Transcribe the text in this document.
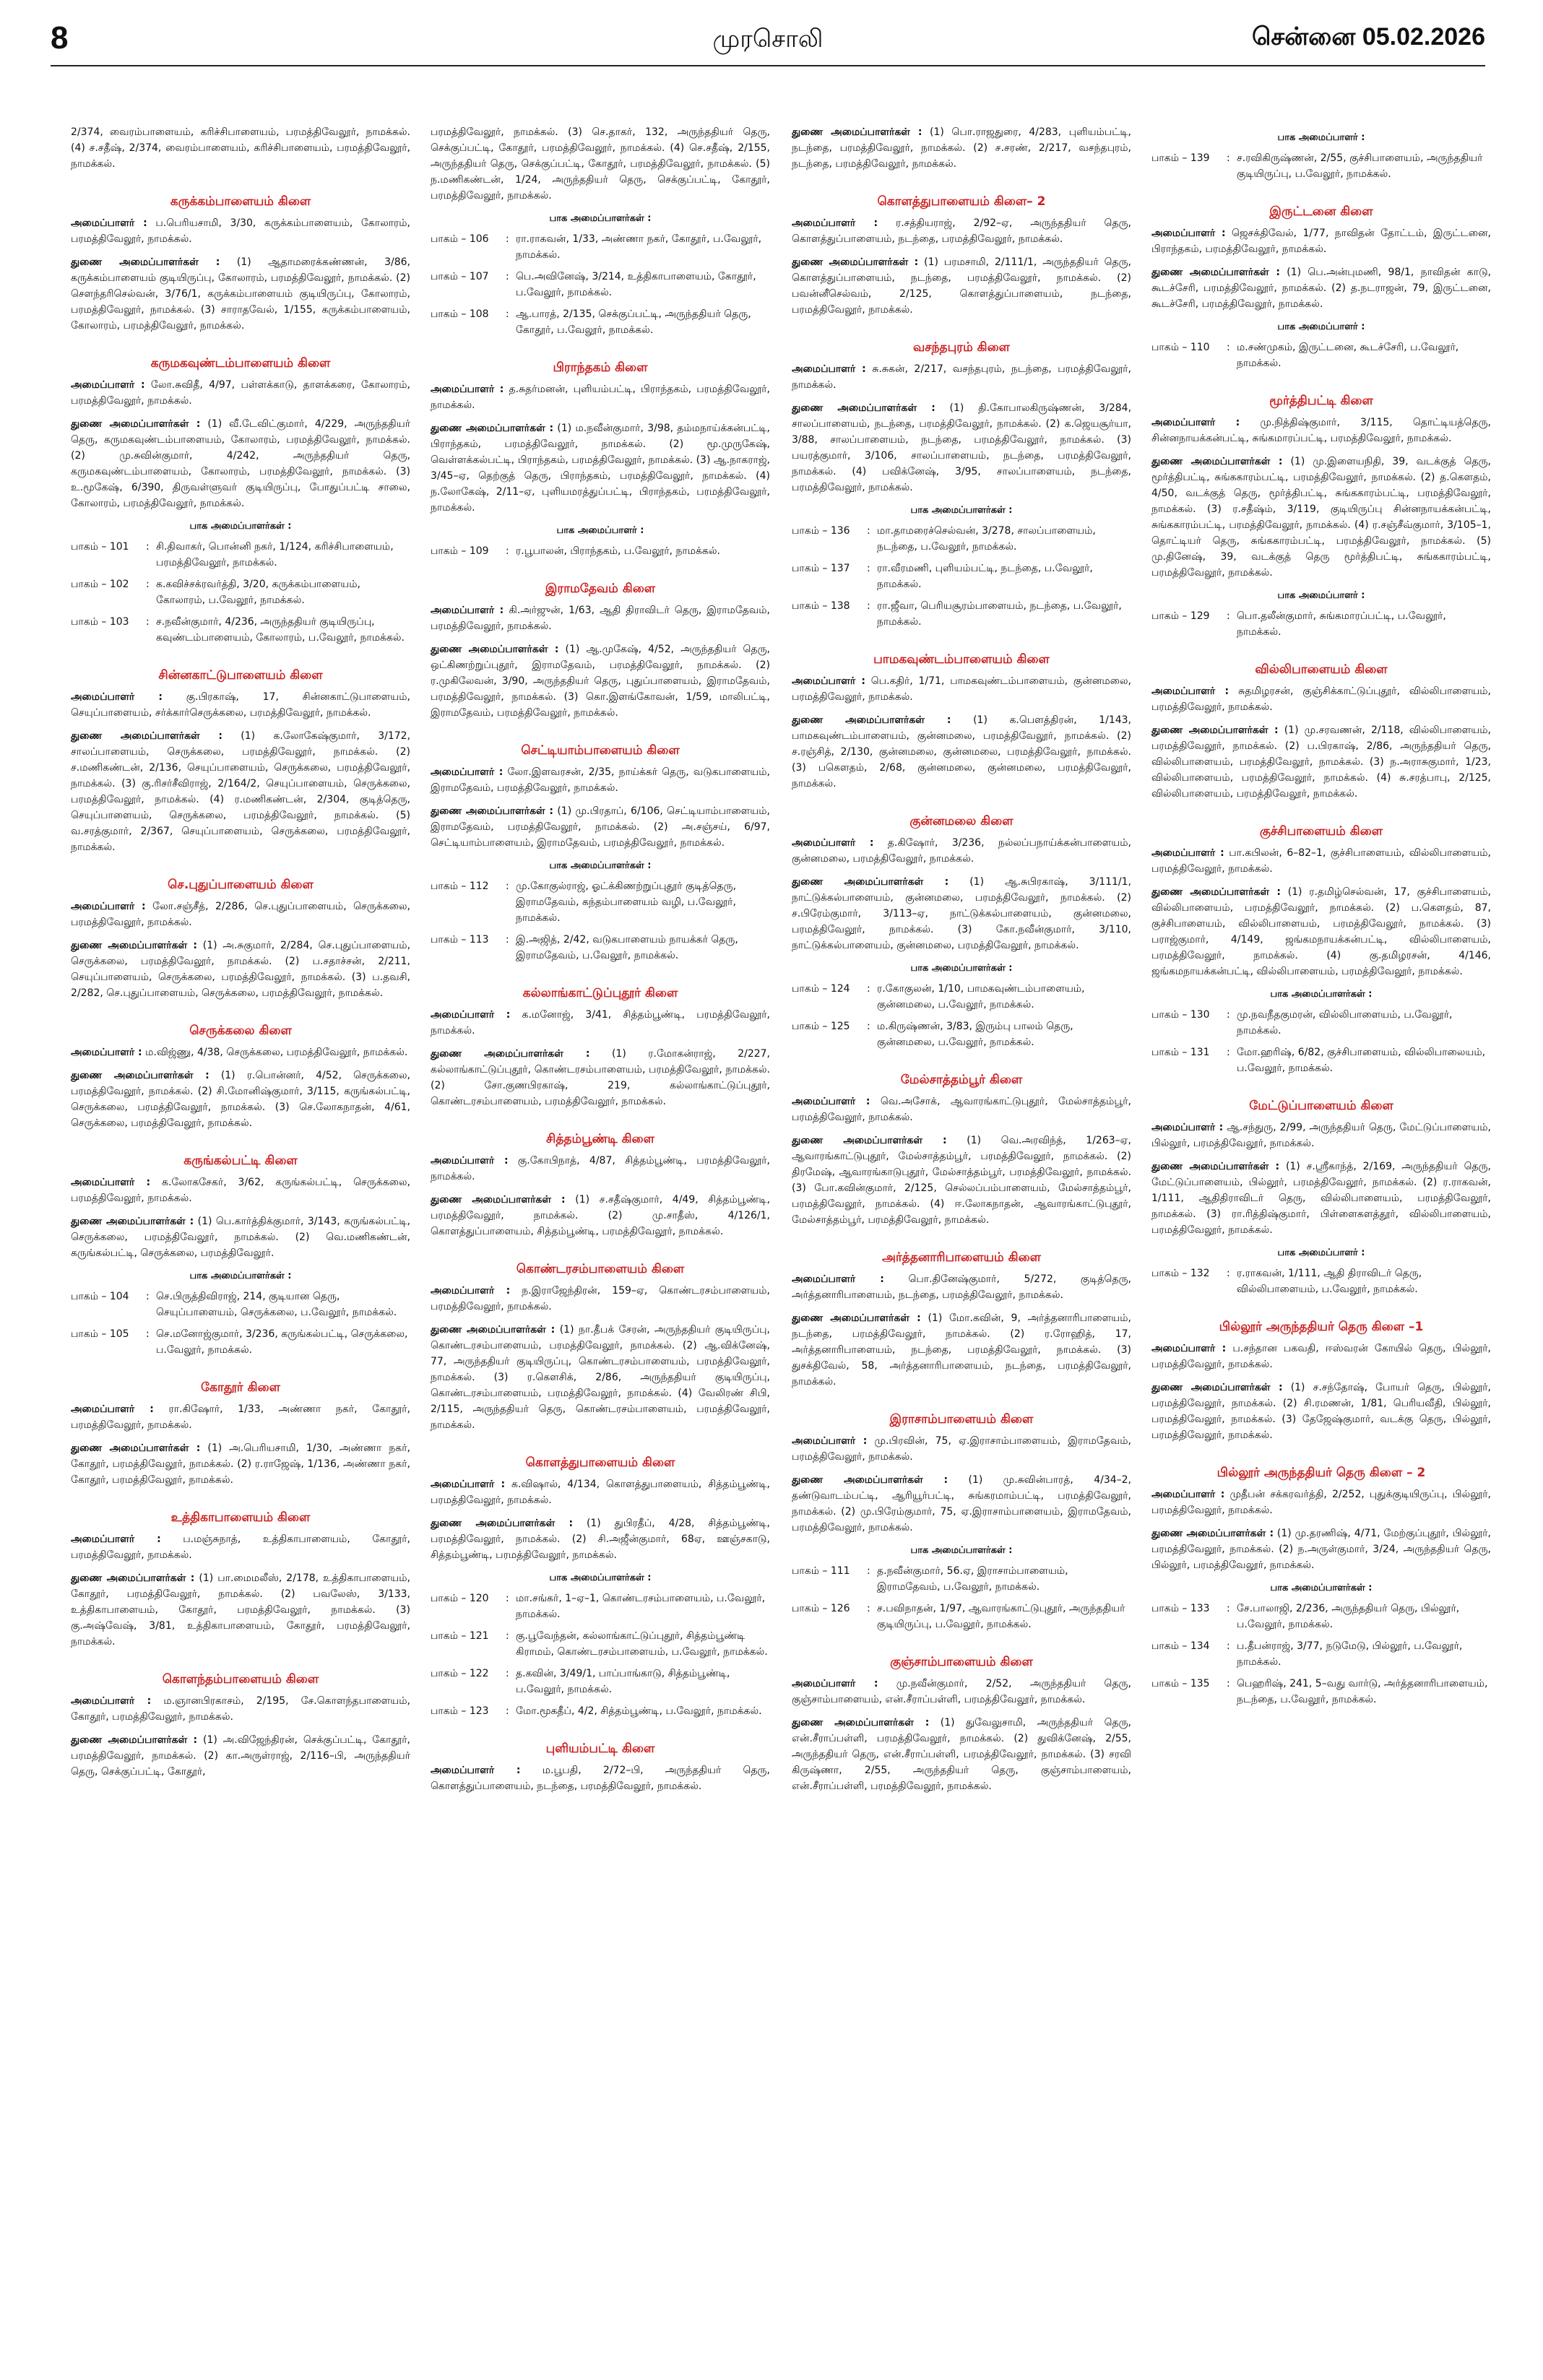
8	முரசொலி	சென்னை 05.02.2026

2/374, வைரம்பாளையம், கரிச்சிபாளையம், பரமத்திவேலூர், நாமக்கல். (4) ச.சதீஷ், 2/374, வைரம்பாளையம், கரிச்சிபாளையம், பரமத்திவேலூர், நாமக்கல்.

கருக்கம்பாளையம் கிளை

அமைப்பாளர் : ப.பெரியசாமி, 3/30, கருக்கம்பாளையம், கோலாரம், பரமத்திவேலூர், நாமக்கல்.

துணை அமைப்பாளர்கள் : (1) ஆதாமரைக்கண்ணன், 3/86, கருக்கம்பாளையம் குடியிருப்பு, கோலாரம், பரமத்திவேலூர், நாமக்கல். (2) சௌந்தரிசெல்வன், 3/76/1, கருக்கம்பாளையம் குடியிருப்பு, கோலாரம், பரமத்திவேலூர், நாமக்கல். (3) சாராதவேல், 1/155, கருக்கம்பாளையம், கோலாரம், பரமத்திவேலூர், நாமக்கல்.

கருமகவுண்டம்பாளையம் கிளை

அமைப்பாளர் : லோ.சுவிதீ, 4/97, பள்ளக்காடு, தாளக்கரை, கோலாரம், பரமத்திவேலூர், நாமக்கல்.

துணை அமைப்பாளர்கள் : (1) வீ.டேவிட்குமார், 4/229, அருந்ததியர் தெரு, கருமகவுண்டம்பாளையம், கோலாரம், பரமத்திவேலூர், நாமக்கல். (2) மு.சுவின்குமார், 4/242, அருந்ததியர் தெரு, கருமகவுண்டம்பாளையம், கோலாரம், பரமத்திவேலூர், நாமக்கல். (3) உ.மூகேஷ், 6/390, திருவள்ளுவர் குடியிருப்பு, போதுப்பட்டி சாலை, கோலாரம், பரமத்திவேலூர், நாமக்கல்.

பாக அமைப்பாளர்கள் :
பாகம் – 101	: சி.திவாகர், பொன்னி நகர், 1/124, கரிச்சிபாளையம், பரமத்திவேலூர், நாமக்கல்.
பாகம் – 102	: க.கவிச்சக்ரவர்த்தி, 3/20, கருக்கம்பாளையம், கோலாரம், ப.வேலூர், நாமக்கல்.
பாகம் – 103	: ச.நவீன்குமார், 4/236, அருந்ததியர் குடியிருப்பு, கவுண்டம்பாளையம், கோலாரம், ப.வேலூர், நாமக்கல்.
சின்னகாட்டுபாளையம் கிளை

அமைப்பாளர் : கு.பிரகாஷ், 17, சின்னகாட்டுபாளையம், செயுப்பாளையம், சர்க்கார்செருக்கலை, பரமத்திவேலூர், நாமக்கல்.

துணை அமைப்பாளர்கள் : (1) க.லோகேஷ்குமார், 3/172, சாலப்பாளையம், செருக்கலை, பரமத்திவேலூர், நாமக்கல். (2) ச.மணிகண்டன், 2/136, செயுப்பாளையம், செருக்கலை, பரமத்திவேலூர், நாமக்கல். (3) கு.ரிசர்சீவிராஜ், 2/164/2, செயுப்பாளையம், செருக்கலை, பரமத்திவேலூர், நாமக்கல். (4) ர.மணிகண்டன், 2/304, குடித்தெரு, செயுப்பாளையம், செருக்கலை, பரமத்திவேலூர், நாமக்கல். (5) வ.சரத்குமார், 2/367, செயுப்பாளையம், செருக்கலை, பரமத்திவேலூர், நாமக்கல்.

செ.புதுப்பாளையம் கிளை

அமைப்பாளர் : லோ.சஞ்சீத், 2/286, செ.புதுப்பாளையம், செருக்கலை, பரமத்திவேலூர், நாமக்கல்.

துணை அமைப்பாளர்கள் : (1) அ.சுகுமார், 2/284, செ.புதுப்பாளையம், செருக்கலை, பரமத்திவேலூர், நாமக்கல். (2) ப.சதாச்சன், 2/211, செயுப்பாளையம், செருக்கலை, பரமத்திவேலூர், நாமக்கல். (3) ப.தவசி, 2/282, செ.புதுப்பாளையம், செருக்கலை, பரமத்திவேலூர், நாமக்கல்.

செருக்கலை கிளை

அமைப்பாளர் : ம.விஜ்ணு, 4/38, செருக்கலை, பரமத்திவேலூர், நாமக்கல்.

துணை அமைப்பாளர்கள் : (1) ர.பொன்னர், 4/52, செருக்கலை, பரமத்திவேலூர், நாமக்கல். (2) சி.மோனிஷ்குமார், 3/115, கருங்கல்பட்டி, செருக்கலை, பரமத்திவேலூர், நாமக்கல். (3) செ.லோகநாதன், 4/61, செருக்கலை, பரமத்திவேலூர், நாமக்கல்.

கருங்கல்பட்டி கிளை

அமைப்பாளர் : க.லோகசேகர், 3/62, கருங்கல்பட்டி, செருக்கலை, பரமத்திவேலூர், நாமக்கல்.

துணை அமைப்பாளர்கள் : (1) பெ.கார்த்திக்குமார், 3/143, கருங்கல்பட்டி, செருக்கலை, பரமத்திவேலூர், நாமக்கல். (2) வெ.மணிகண்டன், கருங்கல்பட்டி, செருக்கலை, பரமத்திவேலூர்.

பாக அமைப்பாளர்கள் :
பாகம் – 104	: செ.பிருத்திவிராஜ், 214, குடியான தெரு, செயுப்பாளையம், செருக்கலை, ப.வேலூர், நாமக்கல்.
பாகம் – 105	: செ.மனோஜ்குமார், 3/236, கருங்கல்பட்டி, செருக்கலை, ப.வேலூர், நாமக்கல்.
கோதூர் கிளை

அமைப்பாளர் : ரா.கிஷோர், 1/33, அண்ணா நகர், கோதூர், பரமத்திவேலூர், நாமக்கல்.

துணை அமைப்பாளர்கள் : (1) அ.பெரியசாமி, 1/30, அண்ணா நகர், கோதூர், பரமத்திவேலூர், நாமக்கல். (2) ர.ராஜேஷ், 1/136, அண்ணா நகர், கோதூர், பரமத்திவேலூர், நாமக்கல்.

உத்திகாபாளையம் கிளை

அமைப்பாளர் : ப.மஞ்சுநாத், உத்திகாபாளையம், கோதூர், பரமத்திவேலூர், நாமக்கல்.

துணை அமைப்பாளர்கள் : (1) பா.மைமலீஸ், 2/178, உத்திகாபாளையம், கோதூர், பரமத்திவேலூர், நாமக்கல். (2) பவலேஸ், 3/133, உத்திகாபாளையம், கோதூர், பரமத்திவேலூர், நாமக்கல். (3) கு.அஷ்வேஷ், 3/81, உத்திகாபாளையம், கோதூர், பரமத்திவேலூர், நாமக்கல்.

கொளந்தம்பாளையம் கிளை

அமைப்பாளர் : ம.ஞானபிரகாசம், 2/195, சே.கொளந்தபாளையம், கோதூர், பரமத்திவேலூர், நாமக்கல்.

துணை அமைப்பாளர்கள் : (1) அ.விஜேந்திரன், செக்குப்பட்டி, கோதூர், பரமத்திவேலூர், நாமக்கல். (2) கா.அருள்ராஜ், 2/116–பி, அருந்ததியர் தெரு, செக்குப்பட்டி, கோதூர்,

பரமத்திவேலூர், நாமக்கல். (3) செ.தாகர், 132, அருந்ததியர் தெரு, செக்குப்பட்டி, கோதூர், பரமத்திவேலூர், நாமக்கல். (4) செ.சதீஷ், 2/155, அருந்ததியர் தெரு, செக்குப்பட்டி, கோதூர், பரமத்திவேலூர், நாமக்கல். (5) ந.மணிகண்டன், 1/24, அருந்ததியர் தெரு, செக்குப்பட்டி, கோதூர், பரமத்திவேலூர், நாமக்கல்.

பாக அமைப்பாளர்கள் :
பாகம் – 106	: ரா.ராகவன், 1/33, அண்ணா நகர், கோதூர், ப.வேலூர், நாமக்கல்.
பாகம் – 107	: பெ.அவினேஷ், 3/214, உத்திகாபாளையம், கோதூர், ப.வேலூர், நாமக்கல்.
பாகம் – 108	: ஆ.பாரத், 2/135, செக்குப்பட்டி, அருந்ததியர் தெரு, கோதூர், ப.வேலூர், நாமக்கல்.
பிராந்தகம் கிளை

அமைப்பாளர் : த.சுதர்மனன், புளியம்பட்டி, பிராந்தகம், பரமத்திவேலூர், நாமக்கல்.

துணை அமைப்பாளர்கள் : (1) ம.நவீன்குமார், 3/98, தம்மநாய்க்கன்பட்டி, பிராந்தகம், பரமத்திவேலூர், நாமக்கல். (2) மூ.முருகேஷ், வெள்ளக்கல்பட்டி, பிராந்தகம், பரமத்திவேலூர், நாமக்கல். (3) ஆ.நாகராஜ், 3/45–ஏ, தெற்குத் தெரு, பிராந்தகம், பரமத்திவேலூர், நாமக்கல். (4) ந.லோகேஷ், 2/11–ஏ, புளியமரத்துப்பட்டி, பிராந்தகம், பரமத்திவேலூர், நாமக்கல்.

பாக அமைப்பாளர் :
பாகம் – 109	: ர.பூபாலன், பிராந்தகம், ப.வேலூர், நாமக்கல்.
இராமதேவம் கிளை

அமைப்பாளர் : கி.அர்ஜுன், 1/63, ஆதி திராவிடர் தெரு, இராமதேவம், பரமத்திவேலூர், நாமக்கல்.

துணை அமைப்பாளர்கள் : (1) ஆ.முகேஷ், 4/52, அருந்ததியர் தெரு, ஒட்கிணற்றுப்புதூர், இராமதேவம், பரமத்திவேலூர், நாமக்கல். (2) ர.முகிலேவன், 3/90, அருந்ததியர் தெரு, புதுப்பாளையம், இராமதேவம், பரமத்திவேலூர், நாமக்கல். (3) கொ.இளங்கோவன், 1/59, மாலிபட்டி, இராமதேவம், பரமத்திவேலூர், நாமக்கல்.

செட்டியாம்பாளையம் கிளை

அமைப்பாளர் : லோ.இளவரசன், 2/35, நாய்க்கர் தெரு, வடுகபாளையம், இராமதேவம், பரமத்திவேலூர், நாமக்கல்.

துணை அமைப்பாளர்கள் : (1) மு.பிரதாப், 6/106, செட்டியாம்பாளையம், இராமதேவம், பரமத்திவேலூர், நாமக்கல். (2) அ.சஞ்சய், 6/97, செட்டியாம்பாளையம், இராமதேவம், பரமத்திவேலூர், நாமக்கல்.

பாக அமைப்பாளர்கள் :
பாகம் – 112	: மு.கோகுல்ராஜ், ஓட்க்கிணற்றுப்புதூர் குடித்தெரு, இராமதேவம், கந்தம்பாளையம் வழி, ப.வேலூர், நாமக்கல்.
பாகம் – 113	: இ.அஜித், 2/42, வடுகபாளையம் நாயக்கர் தெரு, இராமதேவம், ப.வேலூர், நாமக்கல்.
கல்லாங்காட்டுப்புதூர் கிளை

அமைப்பாளர் : க.மனோஜ், 3/41, சித்தம்பூண்டி, பரமத்திவேலூர், நாமக்கல்.

துணை அமைப்பாளர்கள் : (1) ர.மோகன்ராஜ், 2/227, கல்லாங்காட்டுப்புதூர், கொண்டரசம்பாளையம், பரமத்திவேலூர், நாமக்கல். (2) சோ.குணபிரகாஷ், 219, கல்லாங்காட்டுப்புதூர், கொண்டரசம்பாளையம், பரமத்திவேலூர், நாமக்கல்.

சித்தம்பூண்டி கிளை

அமைப்பாளர் : கு.கோபிநாத், 4/87, சித்தம்பூண்டி, பரமத்திவேலூர், நாமக்கல்.

துணை அமைப்பாளர்கள் : (1) ச.சதீஷ்குமார், 4/49, சித்தம்பூண்டி, பரமத்திவேலூர், நாமக்கல். (2) மு.சாதீஸ், 4/126/1, கொளத்துப்பாளையம், சித்தம்பூண்டி, பரமத்திவேலூர், நாமக்கல்.

கொண்டரசம்பாளையம் கிளை

அமைப்பாளர் : ந.இராஜேந்திரன், 159–ஏ, கொண்டரசம்பாளையம், பரமத்திவேலூர், நாமக்கல்.

துணை அமைப்பாளர்கள் : (1) நா.தீபக் சேரன், அருந்ததியர் குடியிருப்பு, கொண்டரசம்பாளையம், பரமத்திவேலூர், நாமக்கல். (2) ஆ.விக்னேஷ், 77, அருந்ததியர் குடியிருப்பு, கொண்டரசம்பாளையம், பரமத்திவேலூர், நாமக்கல். (3) ர.கௌசிக், 2/86, அருந்ததியர் குடியிருப்பு, கொண்டரசம்பாளையம், பரமத்திவேலூர், நாமக்கல். (4) வேலிரண் சிபி, 2/115, அருந்ததியர் தெரு, கொண்டரசம்பாளையம், பரமத்திவேலூர், நாமக்கல்.

கொளத்துபாளையம் கிளை

அமைப்பாளர் : க.விஷால், 4/134, கொளத்துபாளையம், சித்தம்பூண்டி, பரமத்திவேலூர், நாமக்கல்.

துணை அமைப்பாளர்கள் : (1) துபிரதீப், 4/28, சித்தம்பூண்டி, பரமத்திவேலூர், நாமக்கல். (2) சி.அஜீன்குமார், 68ஏ, ஊஞ்சகாடு, சித்தம்பூண்டி, பரமத்திவேலூர், நாமக்கல்.

பாக அமைப்பாளர்கள் :
பாகம் – 120	: மா.சங்கர், 1–ஏ–1, கொண்டரசம்பாளையம், ப.வேலூர், நாமக்கல்.
பாகம் – 121	: கு.பூவேந்தன், கல்லாங்காட்டுப்புதூர், சித்தம்பூண்டி கிராமம், கொண்டரசம்பாளையம், ப.வேலூர், நாமக்கல்.
பாகம் – 122	: த.கவின், 3/49/1, பாப்பாங்காடு, சித்தம்பூண்டி, ப.வேலூர், நாமக்கல்.
பாகம் – 123	: மோ.மூகதீப், 4/2, சித்தம்பூண்டி, ப.வேலூர், நாமக்கல்.
புளியம்பட்டி கிளை

அமைப்பாளர் : ம.பூபதி, 2/72–பி, அருந்ததியர் தெரு, கொளத்துப்பாளையம், நடந்தை, பரமத்திவேலூர், நாமக்கல்.

துணை அமைப்பாளர்கள் : (1) பொ.ராஜதுரை, 4/283, புளியம்பட்டி, நடந்தை, பரமத்திவேலூர், நாமக்கல். (2) ச.சரண், 2/217, வசந்தபுரம், நடந்தை, பரமத்திவேலூர், நாமக்கல்.

கொளத்துபாளையம் கிளை– 2

அமைப்பாளர் : ர.சத்தியராஜ், 2/92–ஏ, அருந்ததியர் தெரு, கொளத்துப்பாளையம், நடந்தை, பரமத்திவேலூர், நாமக்கல்.

துணை அமைப்பாளர்கள் : (1) பரமசாமி, 2/111/1, அருந்ததியர் தெரு, கொளத்துப்பாளையம், நடந்தை, பரமத்திவேலூர், நாமக்கல். (2) பவன்னீசெல்வம், 2/125, கொளத்துப்பாளையம், நடந்தை, பரமத்திவேலூர், நாமக்கல்.

வசந்தபுரம் கிளை

அமைப்பாளர் : சு.சுகன், 2/217, வசந்தபுரம், நடந்தை, பரமத்திவேலூர், நாமக்கல்.

துணை அமைப்பாளர்கள் : (1) தி.கோபாலகிருஷ்ணன், 3/284, சாலப்பாளையம், நடந்தை, பரமத்திவேலூர், நாமக்கல். (2) க.ஜெயசூர்யா, 3/88, சாலப்பாளையம், நடந்தை, பரமத்திவேலூர், நாமக்கல். (3) பயரத்குமார், 3/106, சாலப்பாளையம், நடந்தை, பரமத்திவேலூர், நாமக்கல். (4) பவிக்னேஷ், 3/95, சாலப்பாளையம், நடந்தை, பரமத்திவேலூர், நாமக்கல்.

பாக அமைப்பாளர்கள் :
பாகம் – 136	: மா.தாமரைச்செல்வன், 3/278, சாலப்பாளையம், நடந்தை, ப.வேலூர், நாமக்கல்.
பாகம் – 137	: ரா.வீரமணி, புளியம்பட்டி, நடந்தை, ப.வேலூர், நாமக்கல்.
பாகம் – 138	: ரா.ஜீவா, பெரியசூரம்பாளையம், நடந்தை, ப.வேலூர், நாமக்கல்.
பாமகவுண்டம்பாளையம் கிளை

அமைப்பாளர் : பெ.கதிர், 1/71, பாமகவுண்டம்பாளையம், குன்னமலை, பரமத்திவேலூர், நாமக்கல்.

துணை அமைப்பாளர்கள் : (1) க.பௌத்திரன், 1/143, பாமகவுண்டம்பாளையம், குன்னமலை, பரமத்திவேலூர், நாமக்கல். (2) ச.ரஞ்சித், 2/130, குன்னமலை, குன்னமலை, பரமத்திவேலூர், நாமக்கல். (3) பகௌதம், 2/68, குன்னமலை, குன்னமலை, பரமத்திவேலூர், நாமக்கல்.

குன்னமலை கிளை

அமைப்பாளர் : த.கிஷோர், 3/236, நல்லப்பநாய்க்கன்பாளையம், குன்னமலை, பரமத்திவேலூர், நாமக்கல்.

துணை அமைப்பாளர்கள் : (1) ஆ.சுபிரகாஷ், 3/111/1, நாட்டுக்கல்பாளையம், குன்னமலை, பரமத்திவேலூர், நாமக்கல். (2) ச.பிரேம்குமார், 3/113–ஏ, நாட்டுக்கல்பாளையம், குன்னமலை, பரமத்திவேலூர், நாமக்கல். (3) கோ.நவீன்குமார், 3/110, நாட்டுக்கல்பாளையம், குன்னமலை, பரமத்திவேலூர், நாமக்கல்.

பாக அமைப்பாளர்கள் :
பாகம் – 124	: ர.கோகுலன், 1/10, பாமகவுண்டம்பாளையம், குன்னமலை, ப.வேலூர், நாமக்கல்.
பாகம் – 125	: ம.கிருஷ்ணன், 3/83, இரும்பு பாலம் தெரு, குன்னமலை, ப.வேலூர், நாமக்கல்.
மேல்சாத்தம்பூர் கிளை

அமைப்பாளர் : வெ.அசோக், ஆவாரங்காட்டுபுதூர், மேல்சாத்தம்பூர், பரமத்திவேலூர், நாமக்கல்.

துணை அமைப்பாளர்கள் : (1) வெ.அரவிந்த், 1/263–ஏ, ஆவாரங்காட்டுபுதூர், மேல்சாத்தம்பூர், பரமத்திவேலூர், நாமக்கல். (2) திரமேஷ், ஆவாரங்காடுபுதூர், மேல்சாத்தம்பூர், பரமத்திவேலூர், நாமக்கல். (3) போ.கவின்குமார், 2/125, செல்லப்பம்பாளையம், மேல்சாத்தம்பூர், பரமத்திவேலூர், நாமக்கல். (4) ஈ.லோகநாதன், ஆவாரங்காட்டுபுதூர், மேல்சாத்தம்பூர், பரமத்திவேலூர், நாமக்கல்.

அர்த்தனாரிபாளையம் கிளை

அமைப்பாளர் : பொ.தினேஷ்குமார், 5/272, குடித்தெரு, அர்த்தனாரிபாளையம், நடந்தை, பரமத்திவேலூர், நாமக்கல்.

துணை அமைப்பாளர்கள் : (1) மோ.கவின், 9, அர்த்தனாரிபாளையம், நடந்தை, பரமத்திவேலூர், நாமக்கல். (2) ர.ரோஹித், 17, அர்த்தனாரிபாளையம், நடந்தை, பரமத்திவேலூர், நாமக்கல். (3) துசக்திவேல், 58, அர்த்தனாரிபாளையம், நடந்தை, பரமத்திவேலூர், நாமக்கல்.

இராசாம்பாளையம் கிளை

அமைப்பாளர் : மு.பிரவின், 75, ஏ.இராசாம்பாளையம், இராமதேவம், பரமத்திவேலூர், நாமக்கல்.

துணை அமைப்பாளர்கள் : (1) மு.சுவின்பாரத், 4/34–2, தண்டுவாடம்பட்டி, ஆரியூர்பட்டி, சுங்கரமாம்பட்டி, பரமத்திவேலூர், நாமக்கல். (2) மு.பிரேம்குமார், 75, ஏ.இராசாம்பாளையம், இராமதேவம், பரமத்திவேலூர், நாமக்கல்.

பாக அமைப்பாளர்கள் :
பாகம் – 111	: த.நவீன்குமார், 56.ஏ, இராசாம்பாளையம், இராமதேவம், ப.வேலூர், நாமக்கல்.
பாகம் – 126	: ச.பவிநாதன், 1/97, ஆவாரங்காட்டுபுதூர், அருந்ததியர் குடியிருப்பு, ப.வேலூர், நாமக்கல்.
குஞ்சாம்பாளையம் கிளை

அமைப்பாளர் : மு.நவீன்குமார், 2/52, அருந்ததியர் தெரு, குஞ்சாம்பாளையம், என்.சீராப்பள்ளி, பரமத்திவேலூர், நாமக்கல்.

துணை அமைப்பாளர்கள் : (1) துவேலுசாமி, அருந்ததியர் தெரு, என்.சீராப்பள்ளி, பரமத்திவேலூர், நாமக்கல். (2) துவிக்னேஷ், 2/55, அருந்ததியர் தெரு, என்.சீராப்பள்ளி, பரமத்திவேலூர், நாமக்கல். (3) சரவி கிருஷ்ணா, 2/55, அருந்ததியர் தெரு, குஞ்சாம்பாளையம், என்.சீராப்பள்ளி, பரமத்திவேலூர், நாமக்கல்.

பாக அமைப்பாளர் :
பாகம் – 139	: ச.ரவிகிருஷ்ணன், 2/55, குச்சிபாளையம், அருந்ததியர் குடியிருப்பு, ப.வேலூர், நாமக்கல்.
இருட்டனை கிளை

அமைப்பாளர் : ஜெசக்திவேல், 1/77, நாவிதன் தோட்டம், இருட்டனை, பிராந்தகம், பரமத்திவேலூர், நாமக்கல்.

துணை அமைப்பாளர்கள் : (1) பெ.அன்புமணி, 98/1, நாவிதன் காடு, கூடச்சேரி, பரமத்திவேலூர், நாமக்கல். (2) த.நடராஜன், 79, இருட்டனை, கூடச்சேரி, பரமத்திவேலூர், நாமக்கல்.

பாக அமைப்பாளர் :
பாகம் – 110	: ம.சண்முகம், இருட்டனை, கூடச்சேரி, ப.வேலூர், நாமக்கல்.
மூர்த்திபட்டி கிளை

அமைப்பாளர் : மு.நித்திஷ்குமார், 3/115, தொட்டியத்தெரு, சின்னநாயக்கன்பட்டி, சுங்கமாரப்பட்டி, பரமத்திவேலூர், நாமக்கல்.

துணை அமைப்பாளர்கள் : (1) மு.இளையநிதி, 39, வடக்குத் தெரு, மூர்த்திபட்டி, சுங்ககாரம்பட்டி, பரமத்திவேலூர், நாமக்கல். (2) த.கௌதம், 4/50, வடக்குத் தெரு, மூர்த்திபட்டி, சுங்ககாரம்பட்டி, பரமத்திவேலூர், நாமக்கல். (3) ர.சதீஷ்ம், 3/119, குடியிருப்பு சின்னநாயக்கன்பட்டி, சுங்ககாரம்பட்டி, பரமத்திவேலூர், நாமக்கல். (4) ர.சஞ்சீவ்குமார், 3/105–1, தொட்டியர் தெரு, சுங்ககாரம்பட்டி, பரமத்திவேலூர், நாமக்கல். (5) மு.தினேஷ், 39, வடக்குத் தெரு மூர்த்திபட்டி, சுங்ககாரம்பட்டி, பரமத்திவேலூர், நாமக்கல்.

பாக அமைப்பாளர் :
பாகம் – 129	: பொ.தலீன்குமார், சுங்கமாரப்பட்டி, ப.வேலூர், நாமக்கல்.
வில்லிபாளையம் கிளை

அமைப்பாளர் : சுதமிழரசன், குஞ்சிக்காட்டுப்புதூர், வில்லிபாளையம், பரமத்திவேலூர், நாமக்கல்.

துணை அமைப்பாளர்கள் : (1) மு.சரவணன், 2/118, வில்லிபாளையம், பரமத்திவேலூர், நாமக்கல். (2) ப.பிரகாஷ், 2/86, அருந்ததியர் தெரு, வில்லிபாளையம், பரமத்திவேலூர், நாமக்கல். (3) ந.அராசுகுமார், 1/23, வில்லிபாளையம், பரமத்திவேலூர், நாமக்கல். (4) சு.சரத்பாபு, 2/125, வில்லிபாளையம், பரமத்திவேலூர், நாமக்கல்.

குச்சிபாளையம் கிளை

அமைப்பாளர் : பா.கபிலன், 6–82–1, குச்சிபாளையம், வில்லிபாளையம், பரமத்திவேலூர், நாமக்கல்.

துணை அமைப்பாளர்கள் : (1) ர.தமிழ்செல்வன், 17, குச்சிபாளையம், வில்லிபாளையம், பரமத்திவேலூர், நாமக்கல். (2) ப.கௌதம், 87, குச்சிபாளையம், வில்லிபாளையம், பரமத்திவேலூர், நாமக்கல். (3) பராஜ்குமார், 4/149, ஜங்கமநாயக்கன்பட்டி, வில்லிபாளையம், பரமத்திவேலூர், நாமக்கல். (4) கு.தமிழரசன், 4/146, ஜங்கமநாயக்கன்பட்டி, வில்லிபாளையம், பரமத்திவேலூர், நாமக்கல்.

பாக அமைப்பாளர்கள் :
பாகம் – 130	: மு.நவநீதகுமரன், வில்லிபாளையம், ப.வேலூர், நாமக்கல்.
பாகம் – 131	: மோ.ஹரிஷ், 6/82, குச்சிபாளையம், வில்லிபாலையம், ப.வேலூர், நாமக்கல்.
மேட்டுப்பாளையம் கிளை

அமைப்பாளர் : ஆ.சந்துரு, 2/99, அருந்ததியர் தெரு, மேட்டுப்பாளையம், பில்லூர், பரமத்திவேலூர், நாமக்கல்.

துணை அமைப்பாளர்கள் : (1) ச.ஸ்ரீகாந்த், 2/169, அருந்ததியர் தெரு, மேட்டுப்பாளையம், பில்லூர், பரமத்திவேலூர், நாமக்கல். (2) ர.ராகவன், 1/111, ஆதிதிராவிடர் தெரு, வில்லிபாளையம், பரமத்திவேலூர், நாமக்கல். (3) ரா.ரித்திஷ்குமார், பிள்ளைகளத்தூர், வில்லிபாளையம், பரமத்திவேலூர், நாமக்கல்.

பாக அமைப்பாளர் :
பாகம் – 132	: ர.ராகவன், 1/111, ஆதி திராவிடர் தெரு, வில்லிபாளையம், ப.வேலூர், நாமக்கல்.
பில்லூர் அருந்ததியர் தெரு கிளை –1

அமைப்பாளர் : ப.சந்தான பகவதி, ஈஸ்வரன் கோயில் தெரு, பில்லூர், பரமத்திவேலூர், நாமக்கல்.

துணை அமைப்பாளர்கள் : (1) ச.சந்தோஷ், போயர் தெரு, பில்லூர், பரமத்திவேலூர், நாமக்கல். (2) சி.ரமணன், 1/81, பெரியவீதி, பில்லூர், பரமத்திவேலூர், நாமக்கல். (3) தேஜேஷ்குமார், வடக்கு தெரு, பில்லூர், பரமத்திவேலூர், நாமக்கல்.

பில்லூர் அருந்ததியர் தெரு கிளை – 2

அமைப்பாளர் : முதீபன் சக்கரவர்த்தி, 2/252, புதுக்குடியிருப்பு, பில்லூர், பரமத்திவேலூர், நாமக்கல்.

துணை அமைப்பாளர்கள் : (1) மு.தரணிஷ், 4/71, மேற்குப்புதூர், பில்லூர், பரமத்திவேலூர், நாமக்கல். (2) ந.அருள்குமார், 3/24, அருந்ததியர் தெரு, பில்லூர், பரமத்திவேலூர், நாமக்கல்.

பாக அமைப்பாளர்கள் :
பாகம் – 133	: சே.பாலாஜி, 2/236, அருந்ததியர் தெரு, பில்லூர், ப.வேலூர், நாமக்கல்.
பாகம் – 134	: ப.தீபன்ராஜ், 3/77, நடுமேடு, பில்லூர், ப.வேலூர், நாமக்கல்.
பாகம் – 135	: பெஹரிஷ், 241, 5–வது வார்டு, அர்த்தனாரிபாளையம், நடந்தை, ப.வேலூர், நாமக்கல்.
